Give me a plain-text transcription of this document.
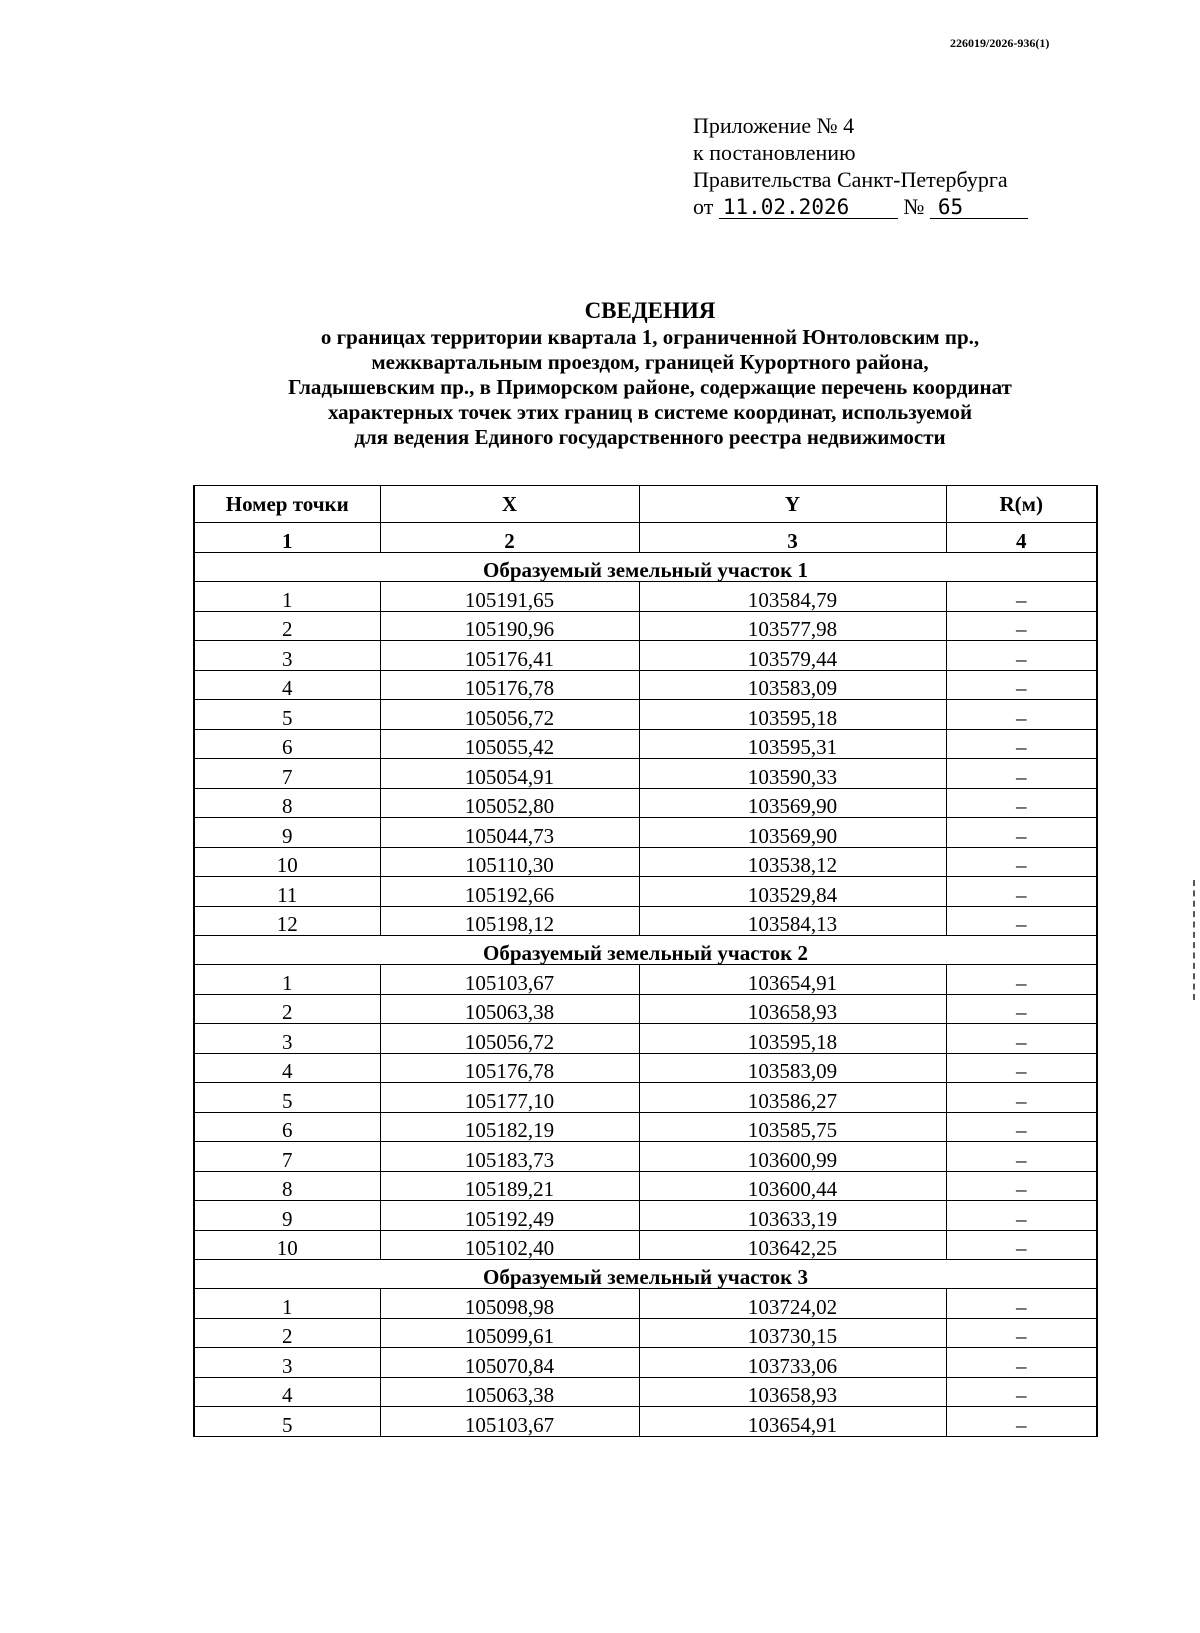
226019/2026-936(1)
Приложение № 4
к постановлению
Правительства Санкт-Петербурга
от 11.02.2026 № 65
СВЕДЕНИЯ
о границах территории квартала 1, ограниченной Юнтоловским пр.,
межквартальным проездом, границей Курортного района,
Гладышевским пр., в Приморском районе, содержащие перечень координат
характерных точек этих границ в системе координат, используемой
для ведения Единого государственного реестра недвижимости
Номер точки	X	Y	R(м)
1	2	3	4
Образуемый земельный участок 1			
1	105191,65	103584,79	–
2	105190,96	103577,98	–
3	105176,41	103579,44	–
4	105176,78	103583,09	–
5	105056,72	103595,18	–
6	105055,42	103595,31	–
7	105054,91	103590,33	–
8	105052,80	103569,90	–
9	105044,73	103569,90	–
10	105110,30	103538,12	–
11	105192,66	103529,84	–
12	105198,12	103584,13	–
Образуемый земельный участок 2			
1	105103,67	103654,91	–
2	105063,38	103658,93	–
3	105056,72	103595,18	–
4	105176,78	103583,09	–
5	105177,10	103586,27	–
6	105182,19	103585,75	–
7	105183,73	103600,99	–
8	105189,21	103600,44	–
9	105192,49	103633,19	–
10	105102,40	103642,25	–
Образуемый земельный участок 3			
1	105098,98	103724,02	–
2	105099,61	103730,15	–
3	105070,84	103733,06	–
4	105063,38	103658,93	–
5	105103,67	103654,91	–
